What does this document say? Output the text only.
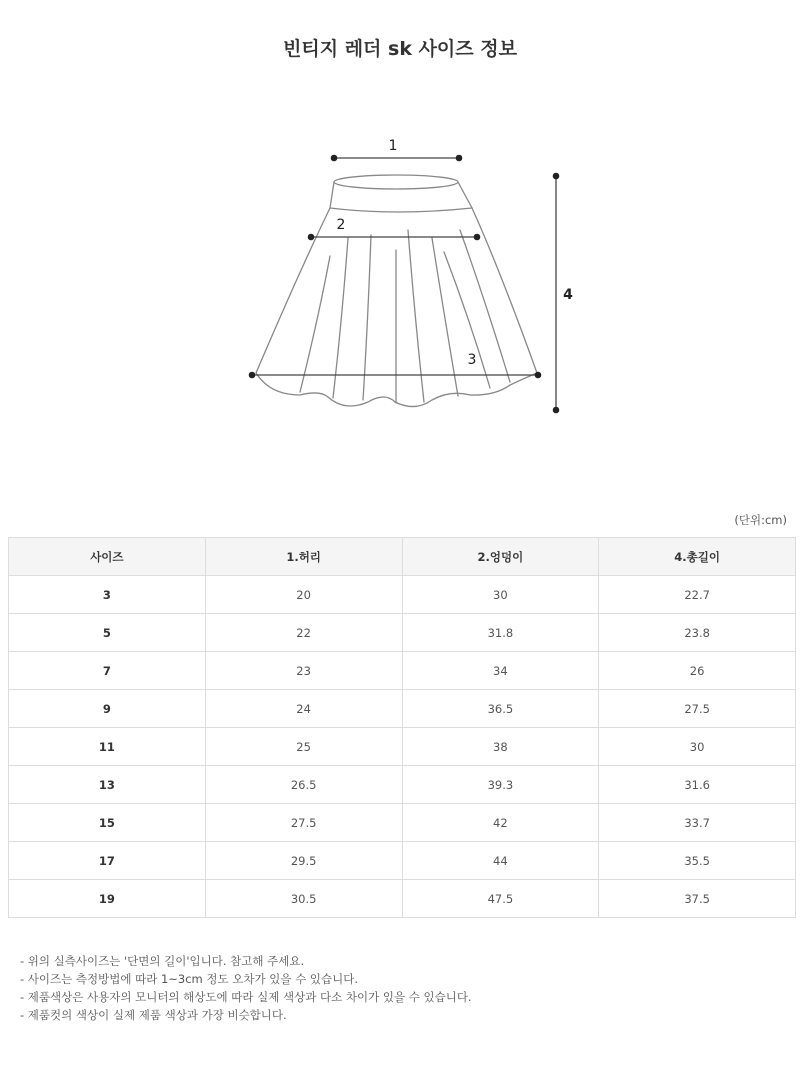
빈티지 레더 sk 사이즈 정보
1
2
3
4
(단위:cm)
사이즈	1.허리	2.엉덩이	4.총길이
3	20	30	22.7
5	22	31.8	23.8
7	23	34	26
9	24	36.5	27.5
11	25	38	30
13	26.5	39.3	31.6
15	27.5	42	33.7
17	29.5	44	35.5
19	30.5	47.5	37.5
- 위의 실측사이즈는 '단면의 길이'입니다. 참고해 주세요.
- 사이즈는 측정방법에 따라 1~3cm 정도 오차가 있을 수 있습니다.
- 제품색상은 사용자의 모니터의 해상도에 따라 실제 색상과 다소 차이가 있을 수 있습니다.
- 제품컷의 색상이 실제 제품 색상과 가장 비슷합니다.
